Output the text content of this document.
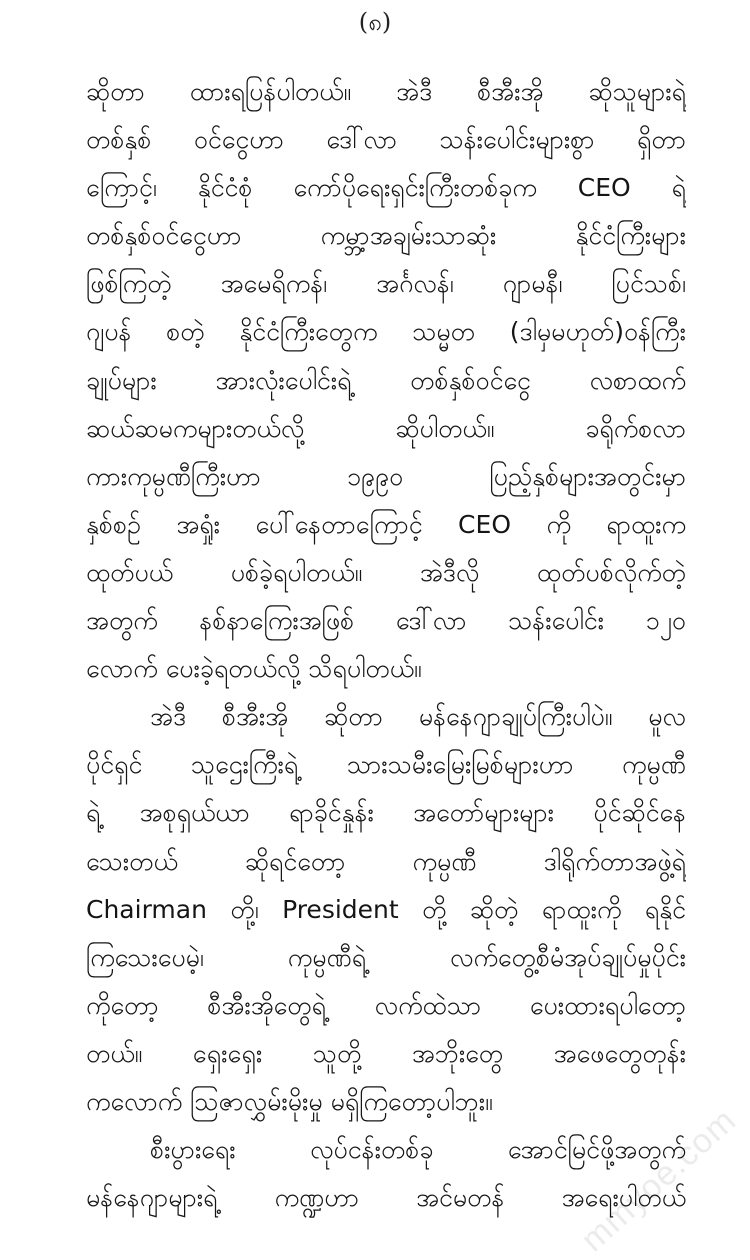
(၈)
ဆိုတာ ထားရပြန်ပါတယ်။ အဲဒီ စီအီးအို ဆိုသူများရဲ့
တစ်နှစ် ဝင်ငွေဟာ ဒေါ်လာ သန်းပေါင်းများစွာ ရှိတာ
ကြောင့်၊ နိုင်ငံစုံ ကော်ပိုရေးရှင်းကြီးတစ်ခုက CEO ရဲ့
တစ်နှစ်ဝင်ငွေဟာ ကမ္ဘာ့အချမ်းသာဆုံး နိုင်ငံကြီးများ
ဖြစ်ကြတဲ့ အမေရိကန်၊ အင်္ဂလန်၊ ဂျာမနီ၊ ပြင်သစ်၊
ဂျပန် စတဲ့ နိုင်ငံကြီးတွေက သမ္မတ (ဒါမှမဟုတ်)ဝန်ကြီး
ချုပ်များ အားလုံးပေါင်းရဲ့ တစ်နှစ်ဝင်ငွေ လစာထက်
ဆယ်ဆမကများတယ်လို့ ဆိုပါတယ်။ ခရိုက်စလာ
ကားကုမ္ပဏီကြီးဟာ ၁၉၉၀ ပြည့်နှစ်များအတွင်းမှာ
နှစ်စဉ် အရှုံး ပေါ်နေတာကြောင့် CEO ကို ရာထူးက
ထုတ်ပယ် ပစ်ခဲ့ရပါတယ်။ အဲဒီလို ထုတ်ပစ်လိုက်တဲ့
အတွက် နစ်နာကြေးအဖြစ် ဒေါ်လာ သန်းပေါင်း ၁၂၀
လောက် ပေးခဲ့ရတယ်လို့ သိရပါတယ်။
အဲဒီ စီအီးအို ဆိုတာ မန်နေဂျာချုပ်ကြီးပါပဲ။ မူလ
ပိုင်ရှင် သူဌေးကြီးရဲ့ သားသမီးမြေးမြစ်များဟာ ကုမ္ပဏီ
ရဲ့ အစုရှယ်ယာ ရာခိုင်နှုန်း အတော်များများ ပိုင်ဆိုင်နေ
သေးတယ် ဆိုရင်တော့ ကုမ္ပဏီ ဒါရိုက်တာအဖွဲ့ရဲ့
Chairman တို့၊ President တို့ ဆိုတဲ့ ရာထူးကို ရနိုင်
ကြသေးပေမဲ့၊ ကုမ္ပဏီရဲ့ လက်တွေ့စီမံအုပ်ချုပ်မှုပိုင်း
ကိုတော့ စီအီးအိုတွေရဲ့ လက်ထဲသာ ပေးထားရပါတော့
တယ်။ ရှေးရှေး သူတို့ အဘိုးတွေ အဖေတွေတုန်း
ကလောက် ဩဇာလွှမ်းမိုးမှု မရှိကြတော့ပါဘူး။
စီးပွားရေး လုပ်ငန်းတစ်ခု အောင်မြင်ဖို့အတွက်
မန်နေဂျာများရဲ့ ကဏ္ဍဟာ အင်မတန် အရေးပါတယ်
mmyoe.com
